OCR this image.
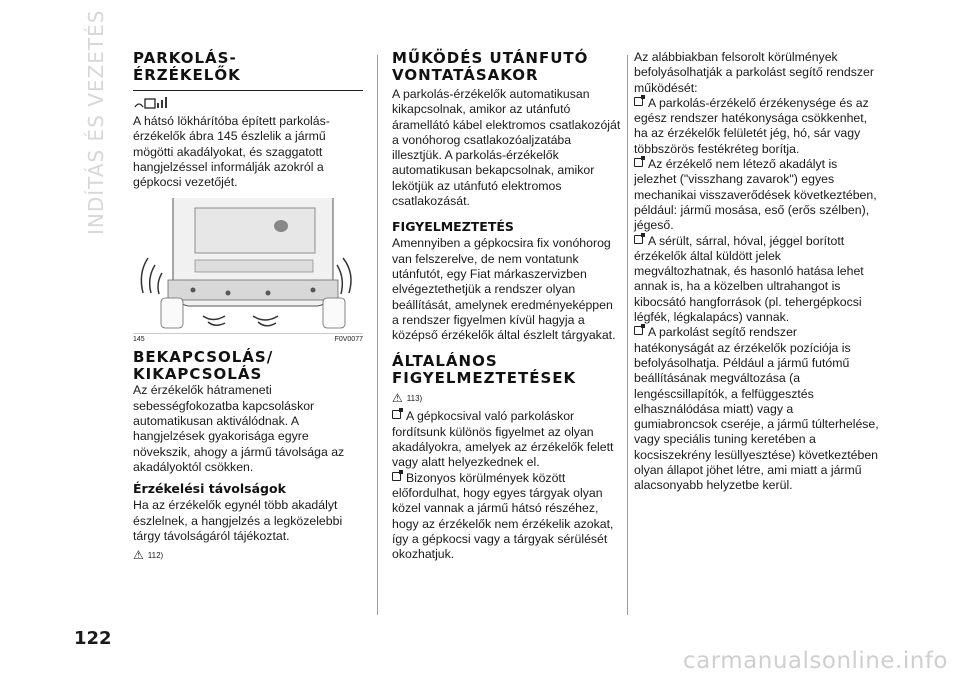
INDÍTÁS ÉS VEZETÉS	PARKOLÁS-
ÉRZÉKELŐK

A hátsó lökhárítóba épített parkolás-érzékelők ábra 145 észlelik a jármű mögötti akadályokat, és szaggatott hangjelzéssel informálják azokról a gépkocsi vezetőjét.

145	F0V0077
BEKAPCSOLÁS/ KIKAPCSOLÁS

Az érzékelők hátrameneti sebességfokozatba kapcsoláskor automatikusan aktiválódnak. A hangjelzések gyakorisága egyre növekszik, ahogy a jármű távolsága az akadályoktól csökken.

Érzékelési távolságok

Ha az érzékelők egynél több akadályt észlelnek, a hangjelzés a legközelebbi tárgy távolságáról tájékoztat.

⚠ 112)
MŰKÖDÉS UTÁNFUTÓ VONTATÁSAKOR

A parkolás-érzékelők automatikusan kikapcsolnak, amikor az utánfutó áramellátó kábel elektromos csatlakozóját a vonóhorog csatlakozóaljzatába illesztjük. A parkolás-érzékelők automatikusan bekapcsolnak, amikor lekötjük az utánfutó elektromos csatlakozását.

FIGYELMEZTETÉS

Amennyiben a gépkocsira fix vonóhorog van felszerelve, de nem vontatunk utánfutót, egy Fiat márkaszervizben elvégeztethetjük a rendszer olyan beállítását, amelynek eredményeképpen a rendszer figyelmen kívül hagyja a középső érzékelők által észlelt tárgyakat.

ÁLTALÁNOS FIGYELMEZTETÉSEK
⚠ 113)

A gépkocsival való parkoláskor fordítsunk különös figyelmet az olyan akadályokra, amelyek az érzékelők felett vagy alatt helyezkednek el.

Bizonyos körülmények között előfordulhat, hogy egyes tárgyak olyan közel vannak a jármű hátsó részéhez, hogy az érzékelők nem érzékelik azokat, így a gépkocsi vagy a tárgyak sérülését okozhatjuk.

Az alábbiakban felsorolt körülmények befolyásolhatják a parkolást segítő rendszer működését:

A parkolás-érzékelő érzékenysége és az egész rendszer hatékonysága csökkenhet, ha az érzékelők felületét jég, hó, sár vagy többszörös festékréteg borítja.

Az érzékelő nem létező akadályt is jelezhet ("visszhang zavarok") egyes mechanikai visszaverődések következtében, például: jármű mosása, eső (erős szélben), jégeső.

A sérült, sárral, hóval, jéggel borított érzékelők által küldött jelek megváltozhatnak, és hasonló hatása lehet annak is, ha a közelben ultrahangot is kibocsátó hangforrások (pl. tehergépkocsi légfék, légkalapács) vannak.

A parkolást segítő rendszer hatékonyságát az érzékelők pozíciója is befolyásolhatja. Például a jármű futómű beállításának megváltozása (a lengéscsillapítók, a felfüggesztés elhasználódása miatt) vagy a gumiabroncsok cseréje, a jármű túlterhelése, vagy speciális tuning keretében a kocsiszekrény lesüllyesztése) következtében olyan állapot jöhet létre, ami miatt a jármű alacsonyabb helyzetbe kerül.

122
carmanualsonline.info
